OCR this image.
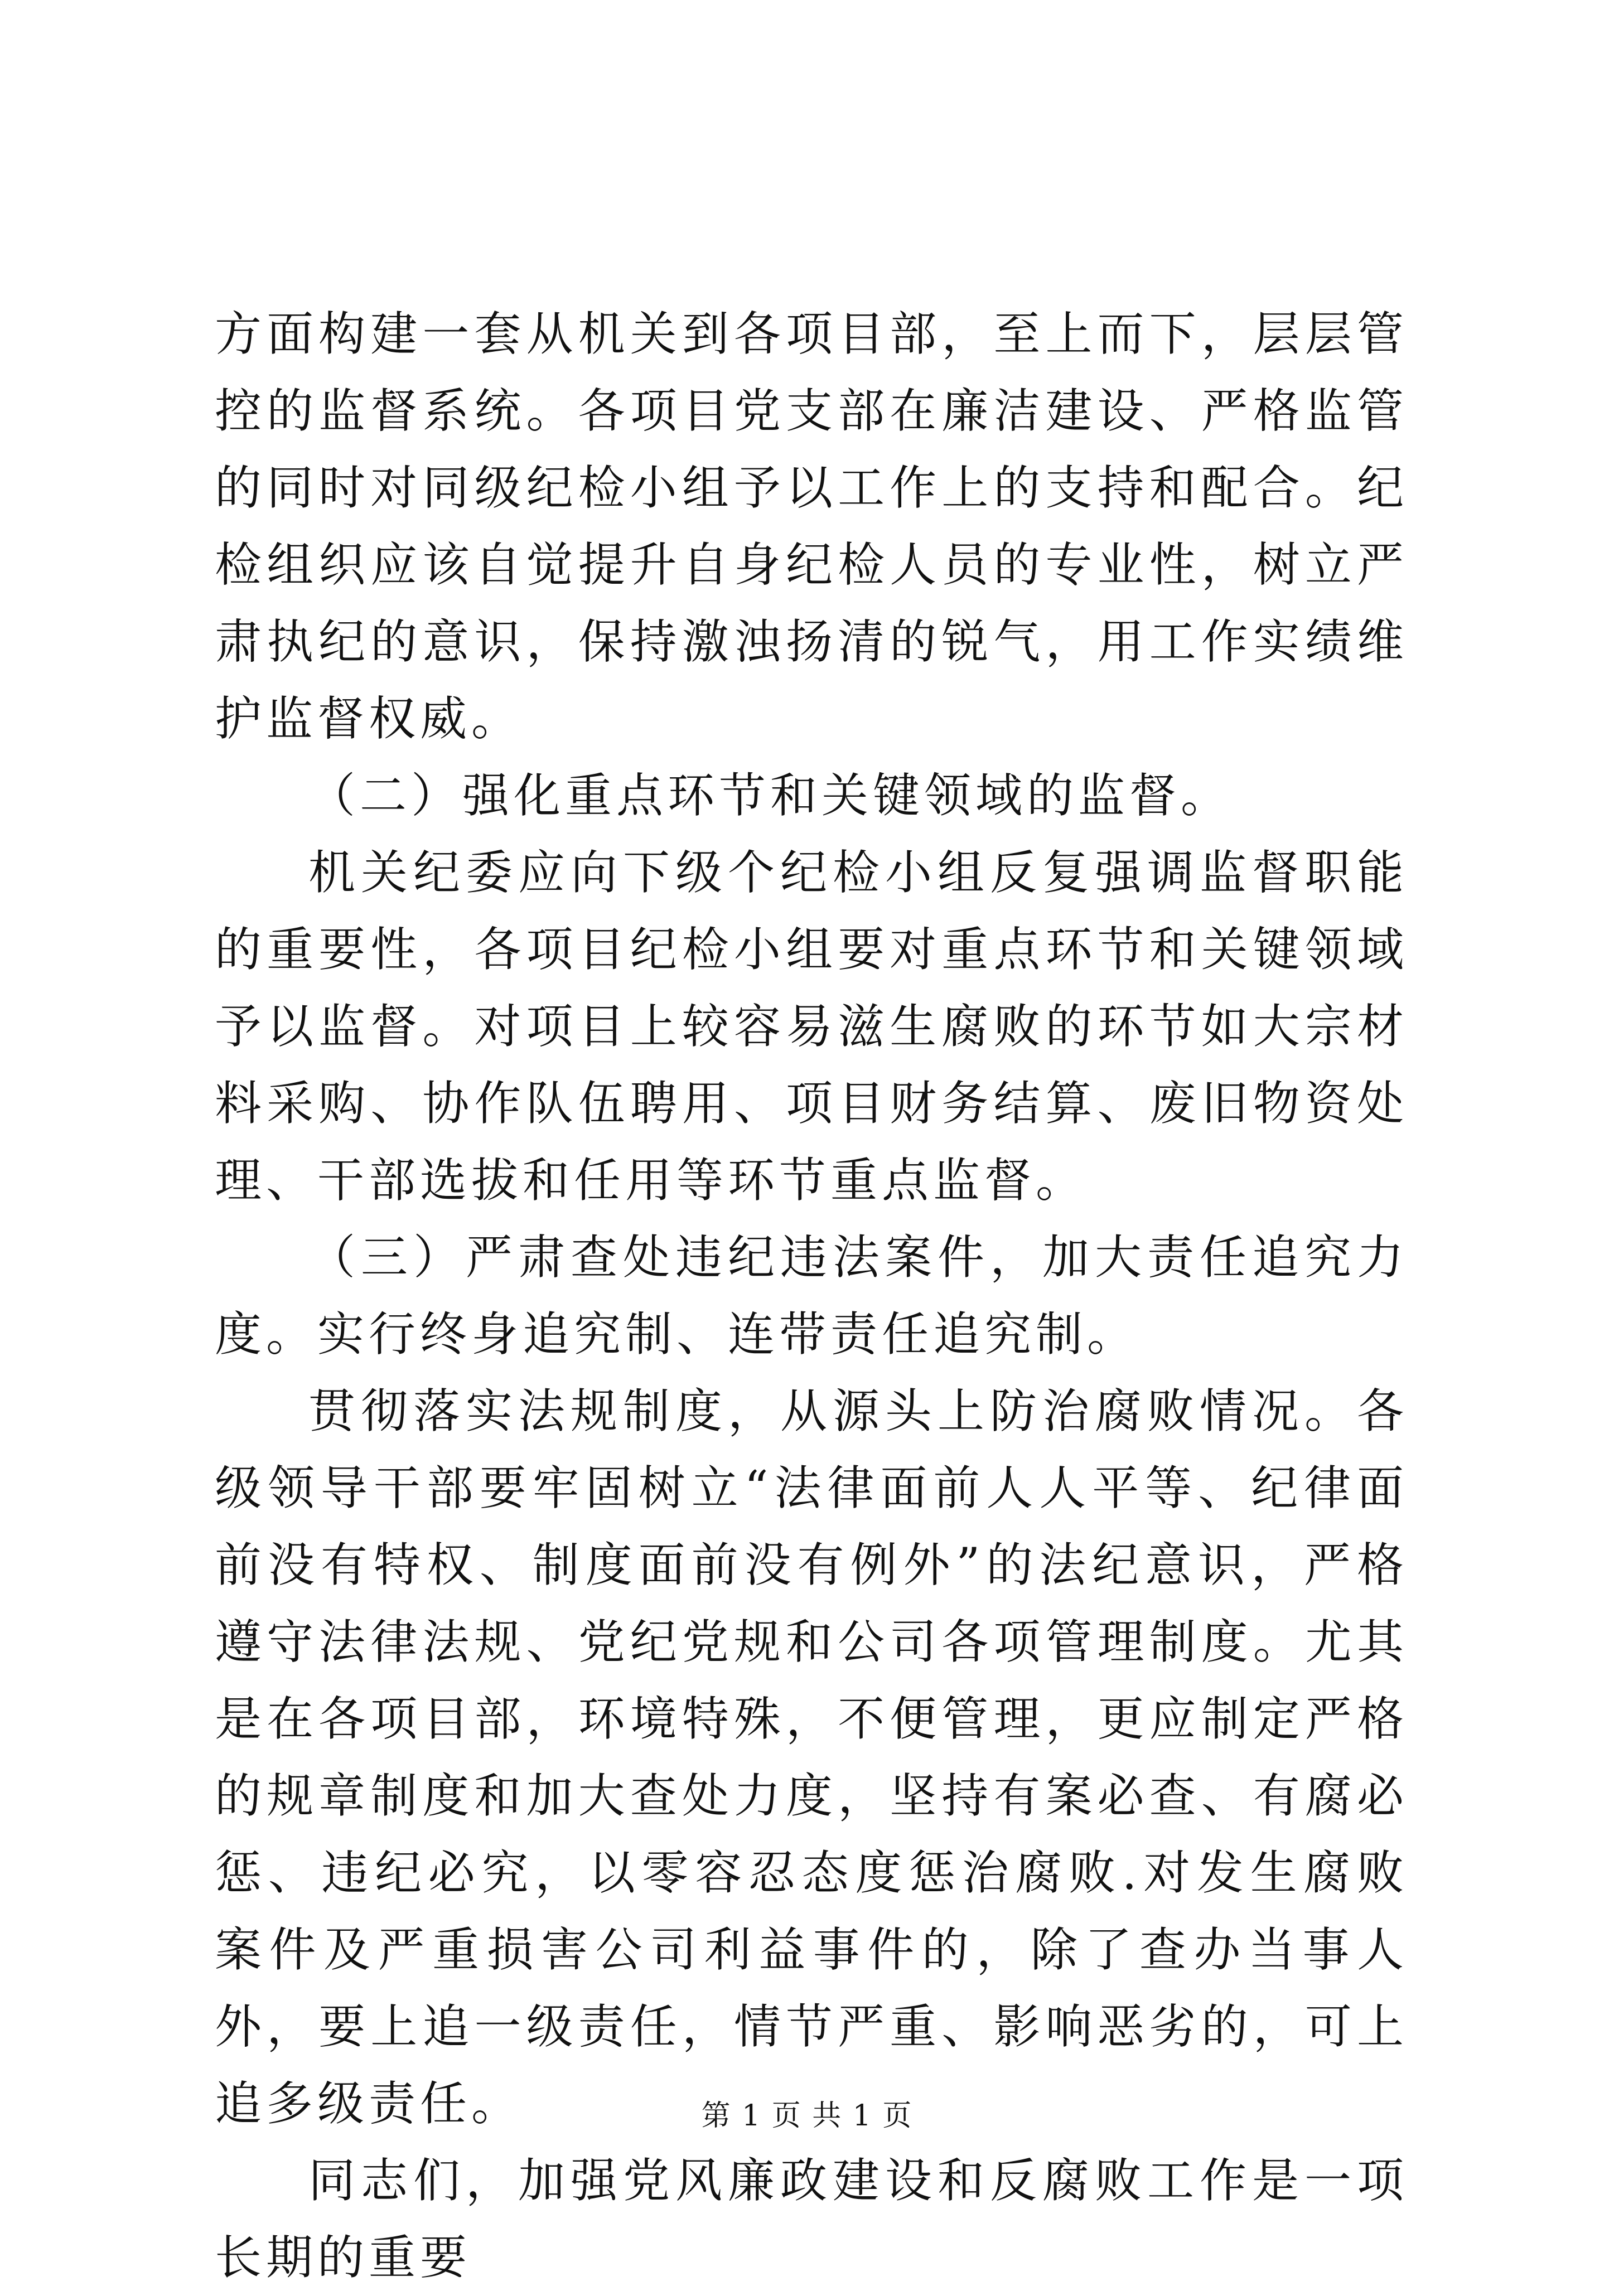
方面构建一套从机关到各项目部，至上而下，层层管控的监督系统。各项目党支部在廉洁建设、严格监管的同时对同级纪检小组予以工作上的支持和配合。纪检组织应该自觉提升自身纪检人员的专业性，树立严肃执纪的意识，保持激浊扬清的锐气，用工作实绩维护监督权威。

（二）强化重点环节和关键领域的监督。

机关纪委应向下级个纪检小组反复强调监督职能的重要性，各项目纪检小组要对重点环节和关键领域予以监督。对项目上较容易滋生腐败的环节如大宗材料采购、协作队伍聘用、项目财务结算、废旧物资处理、干部选拔和任用等环节重点监督。

（三）严肃查处违纪违法案件，加大责任追究力度。实行终身追究制、连带责任追究制。

贯彻落实法规制度，从源头上防治腐败情况。各级领导干部要牢固树立“法律面前人人平等、纪律面前没有特权、制度面前没有例外”的法纪意识，严格遵守法律法规、党纪党规和公司各项管理制度。尤其是在各项目部，环境特殊，不便管理，更应制定严格的规章制度和加大查处力度，坚持有案必查、有腐必惩、违纪必究，以零容忍态度惩治腐败.对发生腐败案件及严重损害公司利益事件的，除了查办当事人外，要上追一级责任，情节严重、影响恶劣的，可上追多级责任。

同志们，加强党风廉政建设和反腐败工作是一项长期的重要

第 1 页 共 1 页
